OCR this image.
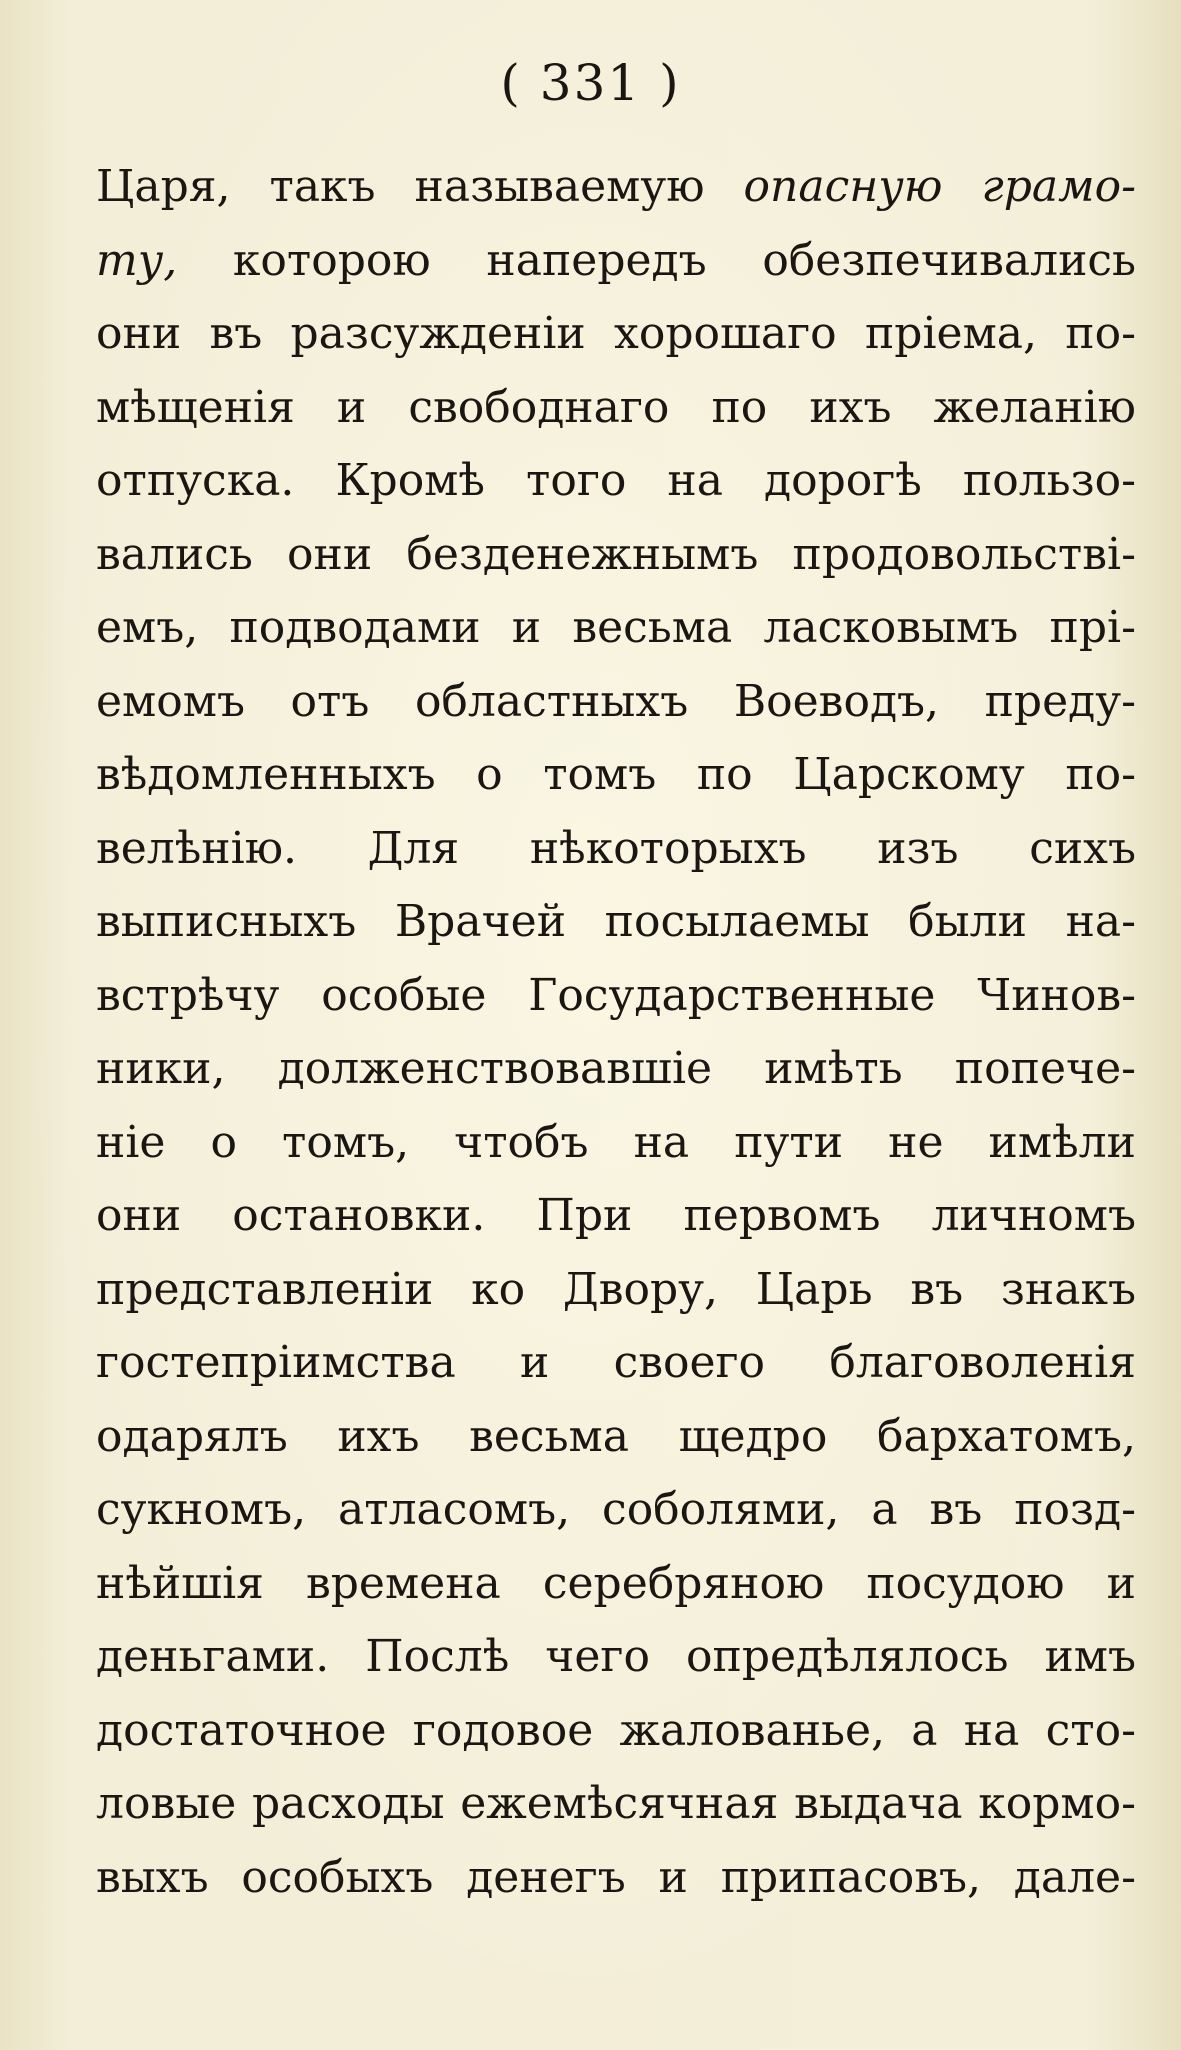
( 331 )
Царя, такъ называемую опасную грамо-
ту, которою напередъ обезпечивались
они въ разсужденіи хорошаго пріема, по-
мѣщенія и свободнаго по ихъ желанію
отпуска. Кромѣ того на дорогѣ пользо-
вались они безденежнымъ продовольстві-
емъ, подводами и весьма ласковымъ прі-
емомъ отъ областныхъ Воеводъ, преду-
вѣдомленныхъ о томъ по Царскому по-
велѣнію. Для нѣкоторыхъ изъ сихъ
выписныхъ Врачей посылаемы были на-
встрѣчу особые Государственные Чинов-
ники, долженствовавшіе имѣть попече-
ніе о томъ, чтобъ на пути не имѣли
они остановки. При первомъ личномъ
представленіи ко Двору, Царь въ знакъ
гостепріимства и своего благоволенія
одарялъ ихъ весьма щедро бархатомъ,
сукномъ, атласомъ, соболями, а въ позд-
нѣйшія времена серебряною посудою и
деньгами. Послѣ чего опредѣлялось имъ
достаточное годовое жалованье, а на сто-
ловые расходы ежемѣсячная выдача кормо-
выхъ особыхъ денегъ и припасовъ, дале-
